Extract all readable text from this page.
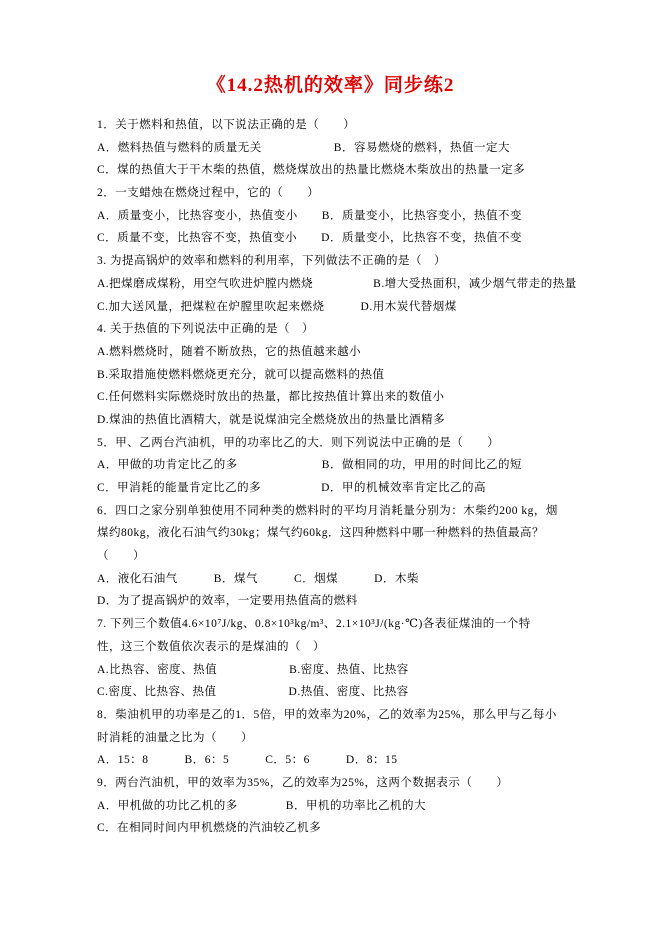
《14.2热机的效率》同步练2
1．关于燃料和热值，以下说法正确的是（　　）
A．燃料热值与燃料的质量无关　　　　　　B．容易燃烧的燃料，热值一定大
C．煤的热值大于干木柴的热值，燃烧煤放出的热量比燃烧木柴放出的热量一定多
2．一支蜡烛在燃烧过程中，它的（　　）
A．质量变小，比热容变小，热值变小　　B．质量变小，比热容变小，热值不变
C．质量不变，比热容不变，热值变小　　D．质量变小，比热容不变，热值不变
3. 为提高锅炉的效率和燃料的利用率，下列做法不正确的是（　）
A.把煤磨成煤粉，用空气吹进炉膛内燃烧　　　　　B.增大受热面积，减少烟气带走的热量
C.加大送风量，把煤粒在炉膛里吹起来燃烧　　　D.用木炭代替烟煤
4. 关于热值的下列说法中正确的是（　）
A.燃料燃烧时，随着不断放热，它的热值越来越小
B.采取措施使燃料燃烧更充分，就可以提高燃料的热值
C.任何燃料实际燃烧时放出的热量，都比按热值计算出来的数值小
D.煤油的热值比酒精大，就是说煤油完全燃烧放出的热量比酒精多
5．甲、乙两台汽油机，甲的功率比乙的大．则下列说法中正确的是（　　）
A．甲做的功肯定比乙的多　　　　　　　B．做相同的功，甲用的时间比乙的短
C．甲消耗的能量肯定比乙的多　　　　　D．甲的机械效率肯定比乙的高
6．四口之家分别单独使用不同种类的燃料时的平均月消耗量分别为：木柴约200 kg，烟
煤约80kg，液化石油气约30kg；煤气约60kg．这四种燃料中哪一种燃料的热值最高？
（　　）
A．液化石油气　　　B．煤气　　　C．烟煤　　　D．木柴
D．为了提高锅炉的效率，一定要用热值高的燃料
7. 下列三个数值4.6×10⁷J/kg、0.8×10³kg/m³、2.1×10³J/(kg·℃)各表征煤油的一个特
性，这三个数值依次表示的是煤油的（　）
A.比热容、密度、热值　　　　　　B.密度、热值、比热容
C.密度、比热容、热值　　　　　　D.热值、密度、比热容
8．柴油机甲的功率是乙的1．5倍，甲的效率为20%，乙的效率为25%，那么甲与乙每小
时消耗的油量之比为（　　）
A．15：8　　　B．6：5　　　C．5：6　　　D．8：15
9．两台汽油机，甲的效率为35%，乙的效率为25%，这两个数据表示（　　）
A．甲机做的功比乙机的多　　　　B．甲机的功率比乙机的大
C．在相同时间内甲机燃烧的汽油较乙机多
